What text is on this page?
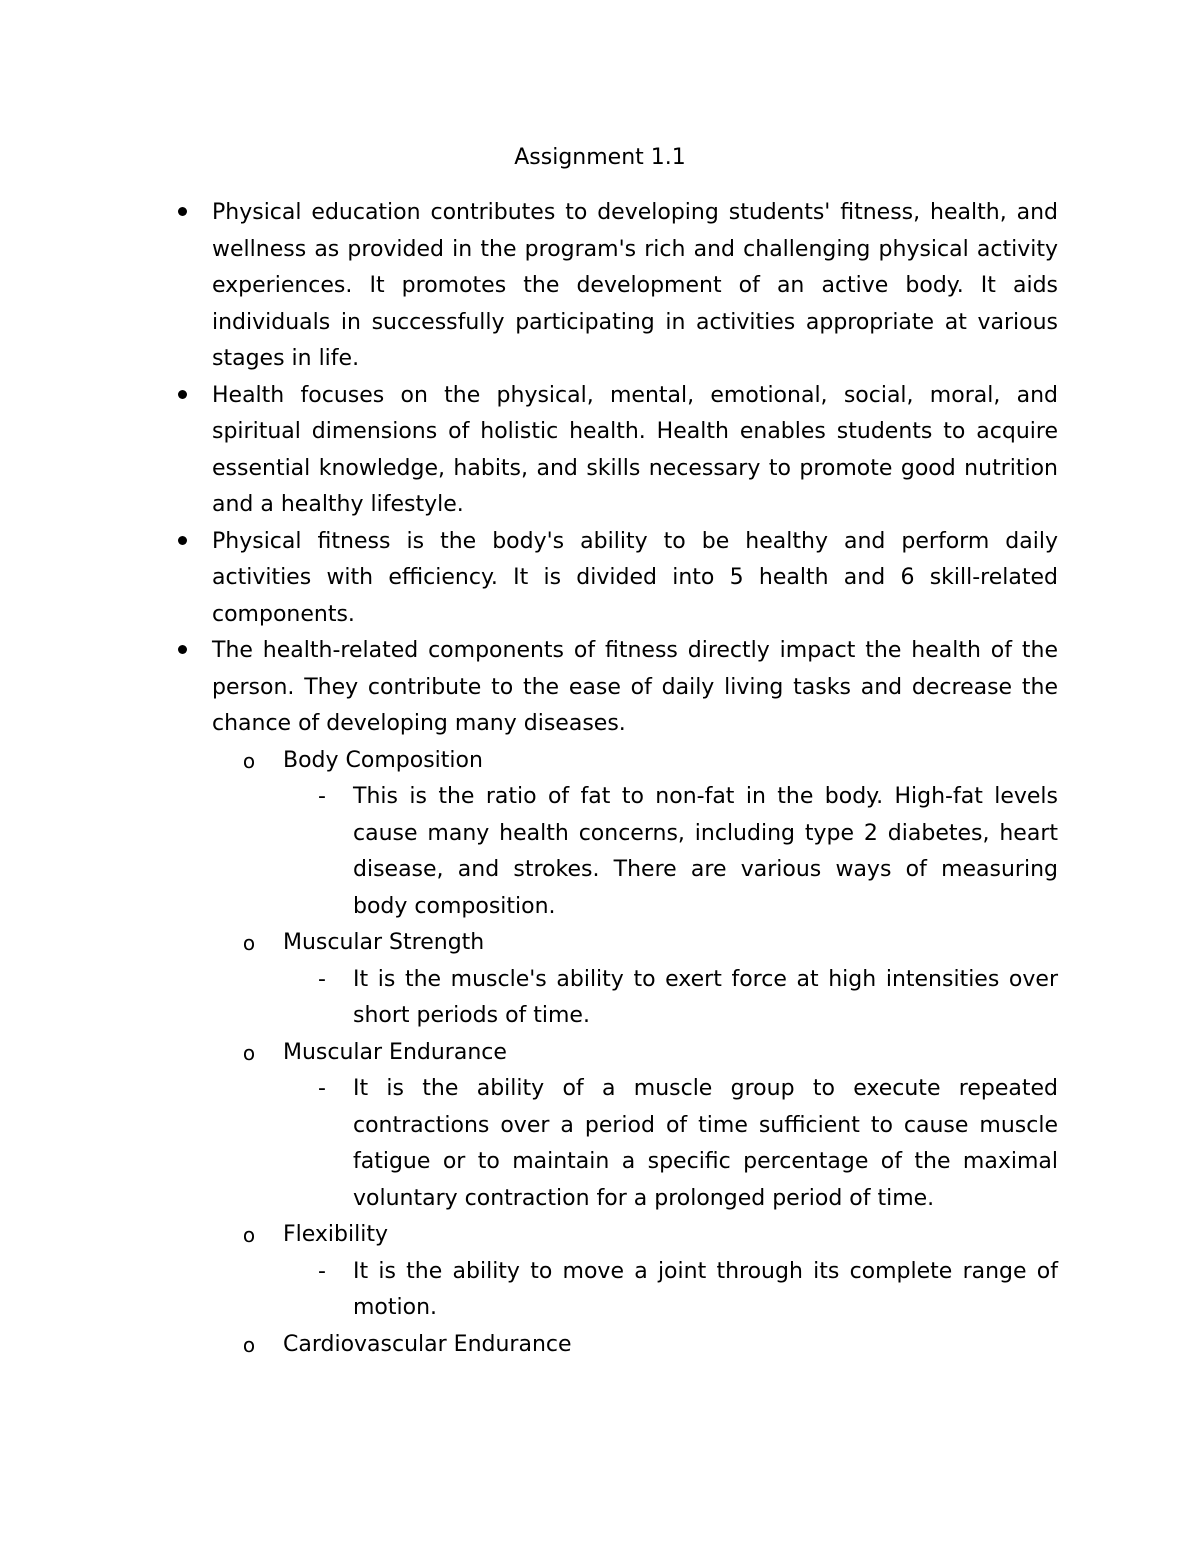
Assignment 1.1
Physical education contributes to developing students' fitness, health, and wellness as provided in the program's rich and challenging physical activity experiences. It promotes the development of an active body. It aids individuals in successfully participating in activities appropriate at various stages in life.
Health focuses on the physical, mental, emotional, social, moral, and spiritual dimensions of holistic health. Health enables students to acquire essential knowledge, habits, and skills necessary to promote good nutrition and a healthy lifestyle.
Physical fitness is the body's ability to be healthy and perform daily activities with efficiency. It is divided into 5 health and 6 skill-related components.
The health-related components of fitness directly impact the health of the person. They contribute to the ease of daily living tasks and decrease the chance of developing many diseases.
o Body Composition
- This is the ratio of fat to non-fat in the body. High-fat levels cause many health concerns, including type 2 diabetes, heart disease, and strokes. There are various ways of measuring body composition.
o Muscular Strength
- It is the muscle's ability to exert force at high intensities over short periods of time.
o Muscular Endurance
- It is the ability of a muscle group to execute repeated contractions over a period of time sufficient to cause muscle fatigue or to maintain a specific percentage of the maximal voluntary contraction for a prolonged period of time.
o Flexibility
- It is the ability to move a joint through its complete range of motion.
o Cardiovascular Endurance
